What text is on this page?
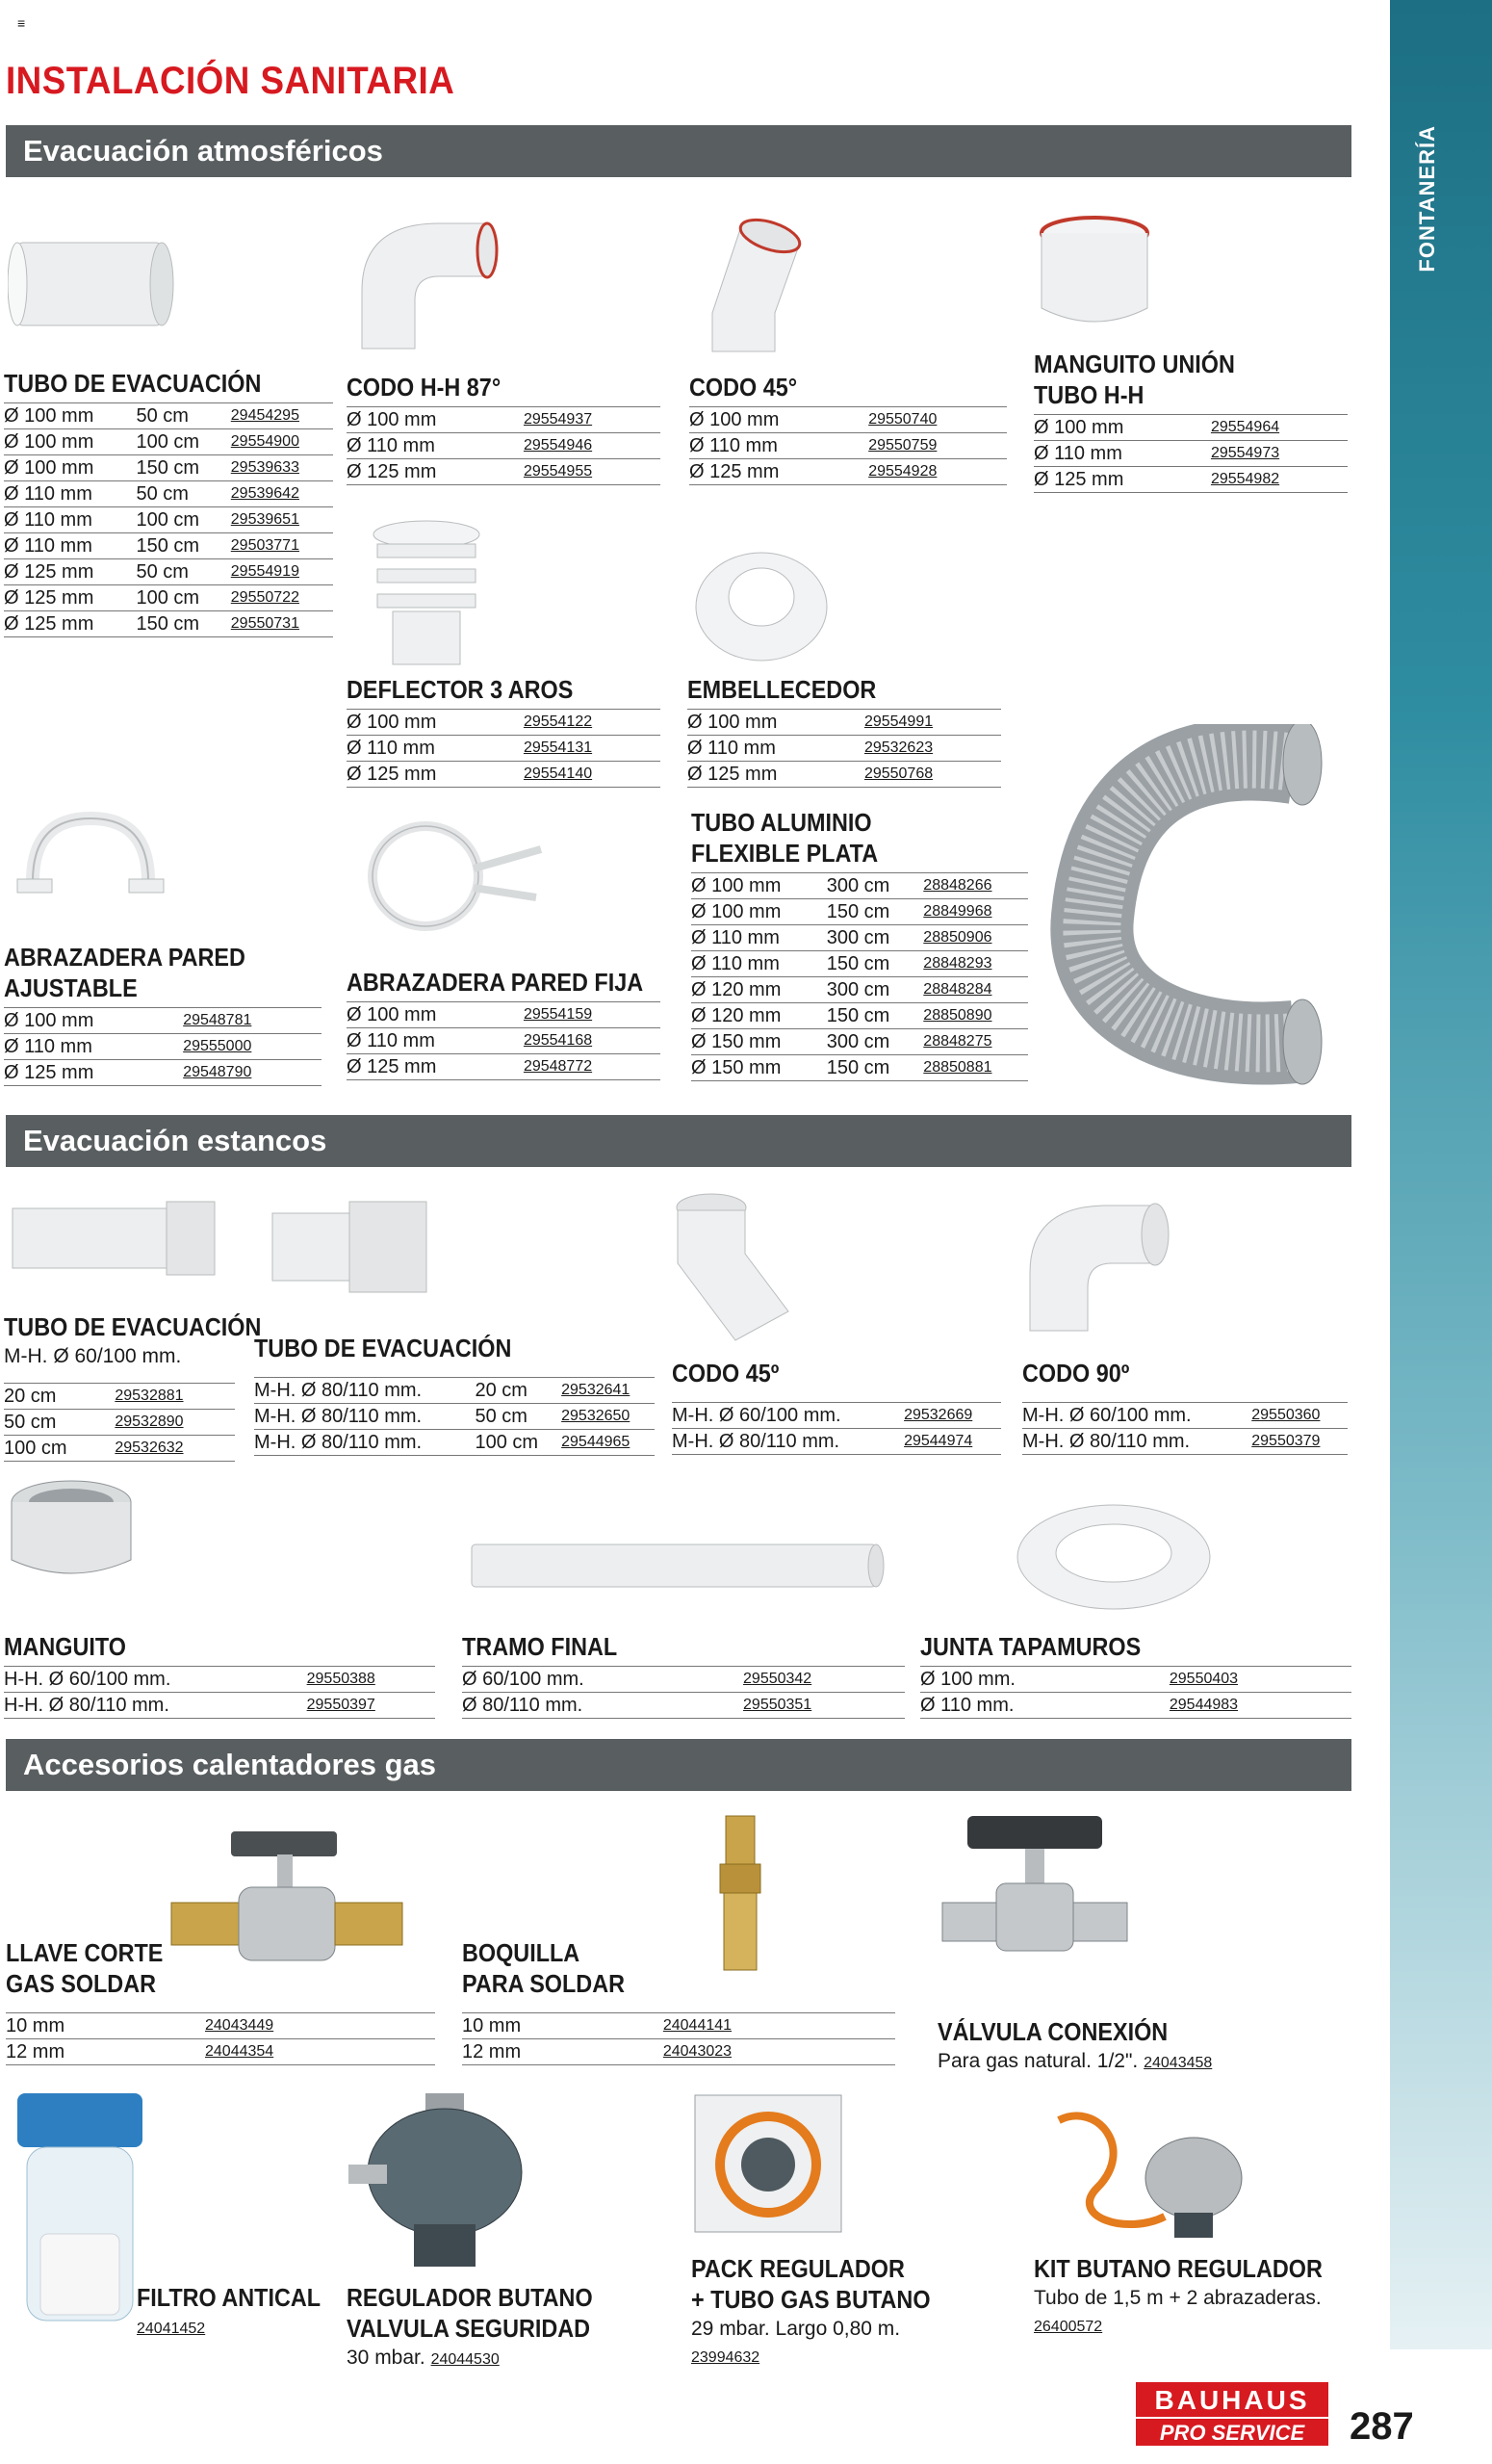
FONTANERÍA
≡
INSTALACIÓN SANITARIA
Evacuación atmosféricos
TUBO DE EVACUACIÓN
Ø 100 mm	50 cm	29454295
Ø 100 mm	100 cm	29554900
Ø 100 mm	150 cm	29539633
Ø 110 mm	50 cm	29539642
Ø 110 mm	100 cm	29539651
Ø 110 mm	150 cm	29503771
Ø 125 mm	50 cm	29554919
Ø 125 mm	100 cm	29550722
Ø 125 mm	150 cm	29550731
CODO H-H 87°
Ø 100 mm	29554937
Ø 110 mm	29554946
Ø 125 mm	29554955
CODO 45°
Ø 100 mm	29550740
Ø 110 mm	29550759
Ø 125 mm	29554928
MANGUITO UNIÓN
TUBO H-H
Ø 100 mm	29554964
Ø 110 mm	29554973
Ø 125 mm	29554982
DEFLECTOR 3 AROS
Ø 100 mm	29554122
Ø 110 mm	29554131
Ø 125 mm	29554140
EMBELLECEDOR
Ø 100 mm	29554991
Ø 110 mm	29532623
Ø 125 mm	29550768
TUBO ALUMINIO
FLEXIBLE PLATA
Ø 100 mm	300 cm	28848266
Ø 100 mm	150 cm	28849968
Ø 110 mm	300 cm	28850906
Ø 110 mm	150 cm	28848293
Ø 120 mm	300 cm	28848284
Ø 120 mm	150 cm	28850890
Ø 150 mm	300 cm	28848275
Ø 150 mm	150 cm	28850881
ABRAZADERA PARED
AJUSTABLE
Ø 100 mm	29548781
Ø 110 mm	29555000
Ø 125 mm	29548790
ABRAZADERA PARED FIJA
Ø 100 mm	29554159
Ø 110 mm	29554168
Ø 125 mm	29548772
Evacuación estancos
TUBO DE EVACUACIÓN
M-H. Ø 60/100 mm.
20 cm	29532881
50 cm	29532890
100 cm	29532632
TUBO DE EVACUACIÓN
M-H. Ø 80/110 mm.	20 cm	29532641
M-H. Ø 80/110 mm.	50 cm	29532650
M-H. Ø 80/110 mm.	100 cm	29544965
CODO 45º
M-H. Ø 60/100 mm.	29532669
M-H. Ø 80/110 mm.	29544974
CODO 90º
M-H. Ø 60/100 mm.	29550360
M-H. Ø 80/110 mm.	29550379
MANGUITO
H-H. Ø 60/100 mm.	29550388
H-H. Ø 80/110 mm.	29550397
TRAMO FINAL
Ø 60/100 mm.	29550342
Ø 80/110 mm.	29550351
JUNTA TAPAMUROS
Ø 100 mm.	29550403
Ø 110 mm.	29544983
Accesorios calentadores gas
LLAVE CORTE
GAS SOLDAR
10 mm	24043449
12 mm	24044354
BOQUILLA
PARA SOLDAR
10 mm	24044141
12 mm	24043023
VÁLVULA CONEXIÓN
Para gas natural. 1/2". 24043458
FILTRO ANTICAL
24041452
REGULADOR BUTANO
VALVULA SEGURIDAD
30 mbar. 24044530
PACK REGULADOR
+ TUBO GAS BUTANO
29 mbar. Largo 0,80 m.
23994632
KIT BUTANO REGULADOR
Tubo de 1,5 m + 2 abrazaderas.
26400572
BAUHAUS
PRO SERVICE 287
